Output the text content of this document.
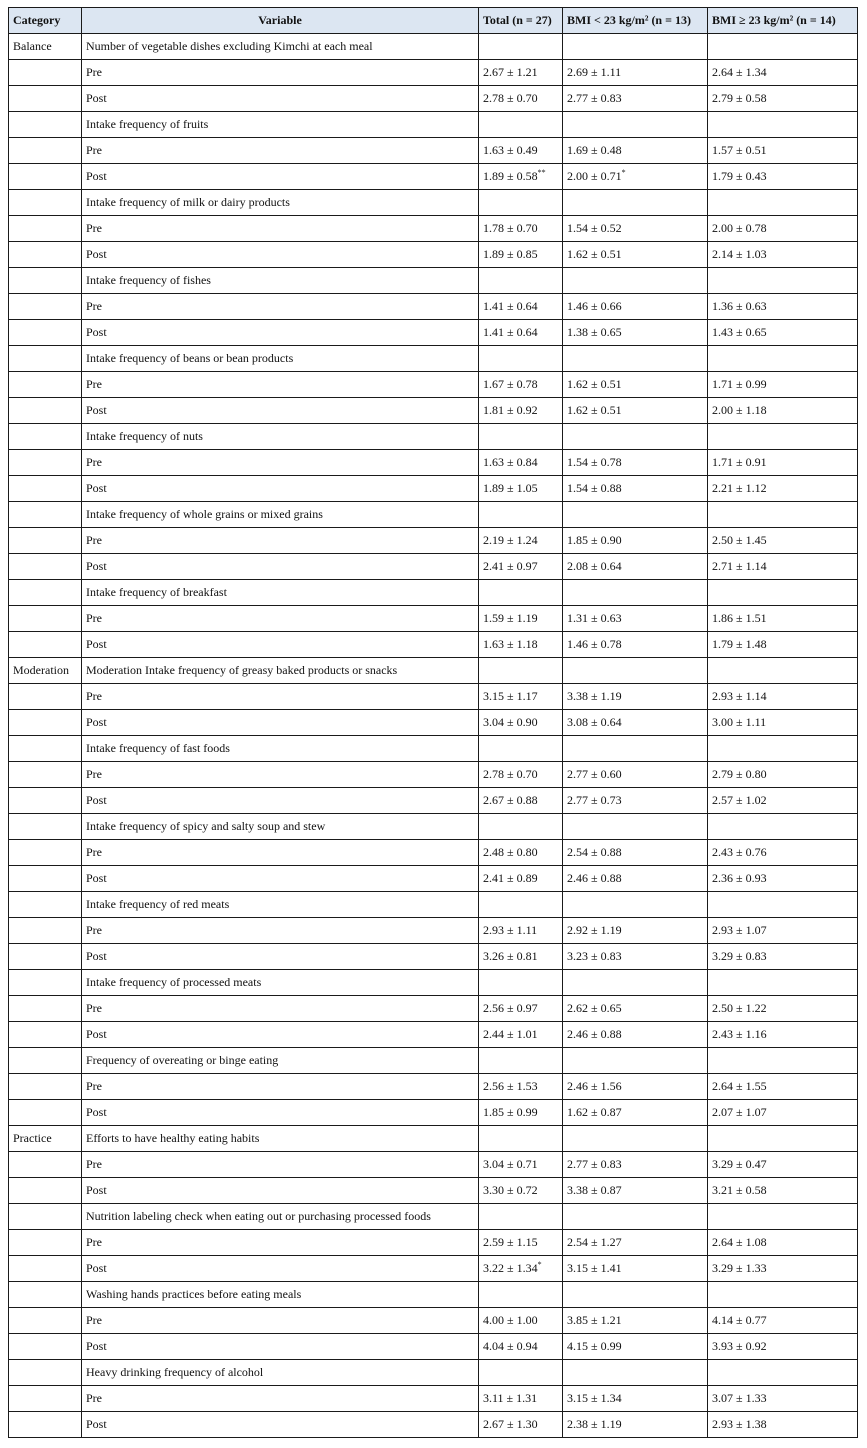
Category	Variable	Total (n = 27)	BMI < 23 kg/m² (n = 13)	BMI ≥ 23 kg/m² (n = 14)
Balance	Number of vegetable dishes excluding Kimchi at each meal			
	Pre	2.67 ± 1.21	2.69 ± 1.11	2.64 ± 1.34
	Post	2.78 ± 0.70	2.77 ± 0.83	2.79 ± 0.58
	Intake frequency of fruits			
	Pre	1.63 ± 0.49	1.69 ± 0.48	1.57 ± 0.51
	Post	1.89 ± 0.58**	2.00 ± 0.71*	1.79 ± 0.43
	Intake frequency of milk or dairy products			
	Pre	1.78 ± 0.70	1.54 ± 0.52	2.00 ± 0.78
	Post	1.89 ± 0.85	1.62 ± 0.51	2.14 ± 1.03
	Intake frequency of fishes			
	Pre	1.41 ± 0.64	1.46 ± 0.66	1.36 ± 0.63
	Post	1.41 ± 0.64	1.38 ± 0.65	1.43 ± 0.65
	Intake frequency of beans or bean products			
	Pre	1.67 ± 0.78	1.62 ± 0.51	1.71 ± 0.99
	Post	1.81 ± 0.92	1.62 ± 0.51	2.00 ± 1.18
	Intake frequency of nuts			
	Pre	1.63 ± 0.84	1.54 ± 0.78	1.71 ± 0.91
	Post	1.89 ± 1.05	1.54 ± 0.88	2.21 ± 1.12
	Intake frequency of whole grains or mixed grains			
	Pre	2.19 ± 1.24	1.85 ± 0.90	2.50 ± 1.45
	Post	2.41 ± 0.97	2.08 ± 0.64	2.71 ± 1.14
	Intake frequency of breakfast			
	Pre	1.59 ± 1.19	1.31 ± 0.63	1.86 ± 1.51
	Post	1.63 ± 1.18	1.46 ± 0.78	1.79 ± 1.48
Moderation	Moderation Intake frequency of greasy baked products or snacks			
	Pre	3.15 ± 1.17	3.38 ± 1.19	2.93 ± 1.14
	Post	3.04 ± 0.90	3.08 ± 0.64	3.00 ± 1.11
	Intake frequency of fast foods			
	Pre	2.78 ± 0.70	2.77 ± 0.60	2.79 ± 0.80
	Post	2.67 ± 0.88	2.77 ± 0.73	2.57 ± 1.02
	Intake frequency of spicy and salty soup and stew			
	Pre	2.48 ± 0.80	2.54 ± 0.88	2.43 ± 0.76
	Post	2.41 ± 0.89	2.46 ± 0.88	2.36 ± 0.93
	Intake frequency of red meats			
	Pre	2.93 ± 1.11	2.92 ± 1.19	2.93 ± 1.07
	Post	3.26 ± 0.81	3.23 ± 0.83	3.29 ± 0.83
	Intake frequency of processed meats			
	Pre	2.56 ± 0.97	2.62 ± 0.65	2.50 ± 1.22
	Post	2.44 ± 1.01	2.46 ± 0.88	2.43 ± 1.16
	Frequency of overeating or binge eating			
	Pre	2.56 ± 1.53	2.46 ± 1.56	2.64 ± 1.55
	Post	1.85 ± 0.99	1.62 ± 0.87	2.07 ± 1.07
Practice	Efforts to have healthy eating habits			
	Pre	3.04 ± 0.71	2.77 ± 0.83	3.29 ± 0.47
	Post	3.30 ± 0.72	3.38 ± 0.87	3.21 ± 0.58
	Nutrition labeling check when eating out or purchasing processed foods			
	Pre	2.59 ± 1.15	2.54 ± 1.27	2.64 ± 1.08
	Post	3.22 ± 1.34*	3.15 ± 1.41	3.29 ± 1.33
	Washing hands practices before eating meals			
	Pre	4.00 ± 1.00	3.85 ± 1.21	4.14 ± 0.77
	Post	4.04 ± 0.94	4.15 ± 0.99	3.93 ± 0.92
	Heavy drinking frequency of alcohol			
	Pre	3.11 ± 1.31	3.15 ± 1.34	3.07 ± 1.33
	Post	2.67 ± 1.30	2.38 ± 1.19	2.93 ± 1.38
